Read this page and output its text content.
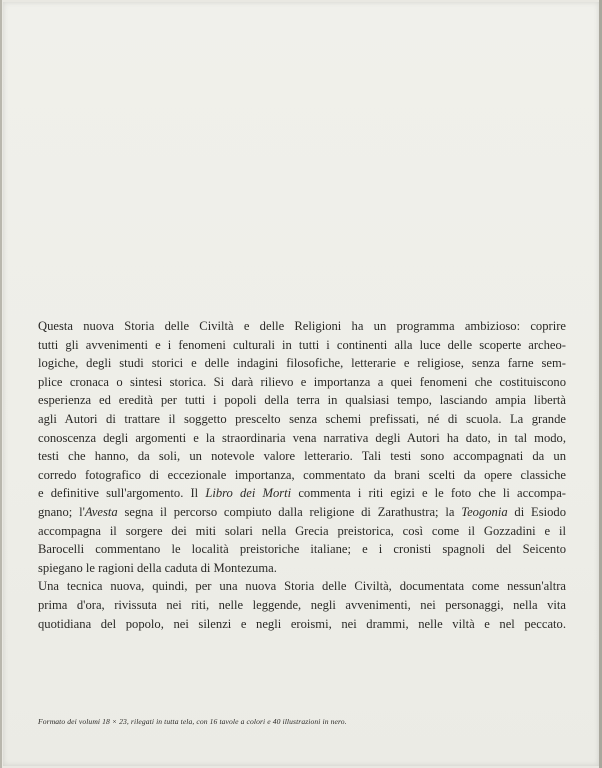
Questa nuova Storia delle Civiltà e delle Religioni ha un programma ambizioso: coprire
tutti gli avvenimenti e i fenomeni culturali in tutti i continenti alla luce delle scoperte archeo-
logiche, degli studi storici e delle indagini filosofiche, letterarie e religiose, senza farne sem-
plice cronaca o sintesi storica. Si darà rilievo e importanza a quei fenomeni che costituiscono
esperienza ed eredità per tutti i popoli della terra in qualsiasi tempo, lasciando ampia libertà
agli Autori di trattare il soggetto prescelto senza schemi prefissati, né di scuola. La grande
conoscenza degli argomenti e la straordinaria vena narrativa degli Autori ha dato, in tal modo,
testi che hanno, da soli, un notevole valore letterario. Tali testi sono accompagnati da un
corredo fotografico di eccezionale importanza, commentato da brani scelti da opere classiche
e definitive sull'argomento. Il Libro dei Morti commenta i riti egizi e le foto che li accompa-
gnano; l'Avesta segna il percorso compiuto dalla religione di Zarathustra; la Teogonia di Esiodo
accompagna il sorgere dei miti solari nella Grecia preistorica, così come il Gozzadini e il
Barocelli commentano le località preistoriche italiane; e i cronisti spagnoli del Seicento
spiegano le ragioni della caduta di Montezuma.
Una tecnica nuova, quindi, per una nuova Storia delle Civiltà, documentata come nessun'altra
prima d'ora, rivissuta nei riti, nelle leggende, negli avvenimenti, nei personaggi, nella vita
quotidiana del popolo, nei silenzi e negli eroismi, nei drammi, nelle viltà e nel peccato.
Formato dei volumi 18 × 23, rilegati in tutta tela, con 16 tavole a colori e 40 illustrazioni in nero.
